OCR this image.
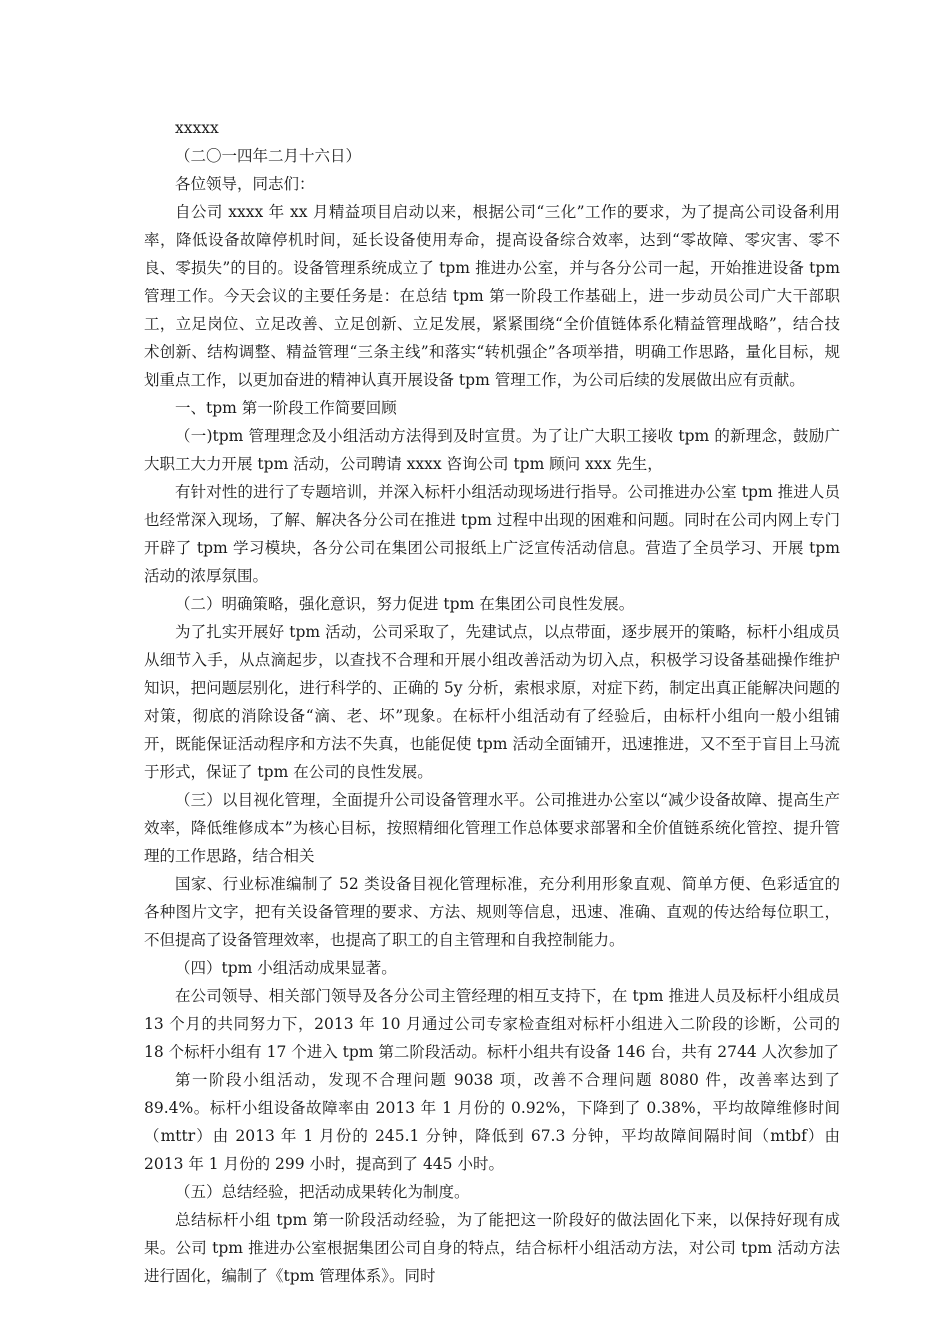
xxxxx

（二〇一四年二月十六日）

各位领导，同志们：

自公司 xxxx 年 xx 月精益项目启动以来，根据公司“三化”工作的要求，为了提高公司设备利用率，降低设备故障停机时间，延长设备使用寿命，提高设备综合效率，达到“零故障、零灾害、零不良、零损失”的目的。设备管理系统成立了 tpm 推进办公室，并与各分公司一起，开始推进设备 tpm 管理工作。今天会议的主要任务是：在总结 tpm 第一阶段工作基础上，进一步动员公司广大干部职工，立足岗位、立足改善、立足创新、立足发展，紧紧围绕“全价值链体系化精益管理战略”，结合技术创新、结构调整、精益管理“三条主线”和落实“转机强企”各项举措，明确工作思路，量化目标，规划重点工作，以更加奋进的精神认真开展设备 tpm 管理工作，为公司后续的发展做出应有贡献。

一、tpm 第一阶段工作简要回顾

（一)tpm 管理理念及小组活动方法得到及时宣贯。为了让广大职工接收 tpm 的新理念，鼓励广大职工大力开展 tpm 活动，公司聘请 xxxx 咨询公司 tpm 顾问 xxx 先生，

有针对性的进行了专题培训，并深入标杆小组活动现场进行指导。公司推进办公室 tpm 推进人员也经常深入现场，了解、解决各分公司在推进 tpm 过程中出现的困难和问题。同时在公司内网上专门开辟了 tpm 学习模块，各分公司在集团公司报纸上广泛宣传活动信息。营造了全员学习、开展 tpm 活动的浓厚氛围。

（二）明确策略，强化意识，努力促进 tpm 在集团公司良性发展。

为了扎实开展好 tpm 活动，公司采取了，先建试点，以点带面，逐步展开的策略，标杆小组成员从细节入手，从点滴起步，以查找不合理和开展小组改善活动为切入点，积极学习设备基础操作维护知识，把问题层别化，进行科学的、正确的 5y 分析，索根求原，对症下药，制定出真正能解决问题的对策，彻底的消除设备“滴、老、坏”现象。在标杆小组活动有了经验后，由标杆小组向一般小组铺开，既能保证活动程序和方法不失真，也能促使 tpm 活动全面铺开，迅速推进，又不至于盲目上马流于形式，保证了 tpm 在公司的良性发展。

（三）以目视化管理，全面提升公司设备管理水平。公司推进办公室以“减少设备故障、提高生产效率，降低维修成本”为核心目标，按照精细化管理工作总体要求部署和全价值链系统化管控、提升管理的工作思路，结合相关

国家、行业标准编制了 52 类设备目视化管理标准，充分利用形象直观、简单方便、色彩适宜的各种图片文字，把有关设备管理的要求、方法、规则等信息，迅速、准确、直观的传达给每位职工，不但提高了设备管理效率，也提高了职工的自主管理和自我控制能力。

（四）tpm 小组活动成果显著。

在公司领导、相关部门领导及各分公司主管经理的相互支持下，在 tpm 推进人员及标杆小组成员 13 个月的共同努力下，2013 年 10 月通过公司专家检查组对标杆小组进入二阶段的诊断，公司的 18 个标杆小组有 17 个进入 tpm 第二阶段活动。标杆小组共有设备 146 台，共有 2744 人次参加了

第一阶段小组活动，发现不合理问题 9038 项，改善不合理问题 8080 件，改善率达到了 89.4%。标杆小组设备故障率由 2013 年 1 月份的 0.92%，下降到了 0.38%，平均故障维修时间（mttr）由 2013 年 1 月份的 245.1 分钟，降低到 67.3 分钟，平均故障间隔时间（mtbf）由 2013 年 1 月份的 299 小时，提高到了 445 小时。

（五）总结经验，把活动成果转化为制度。

总结标杆小组 tpm 第一阶段活动经验，为了能把这一阶段好的做法固化下来，以保持好现有成果。公司 tpm 推进办公室根据集团公司自身的特点，结合标杆小组活动方法，对公司 tpm 活动方法进行固化，编制了《tpm 管理体系》。同时
